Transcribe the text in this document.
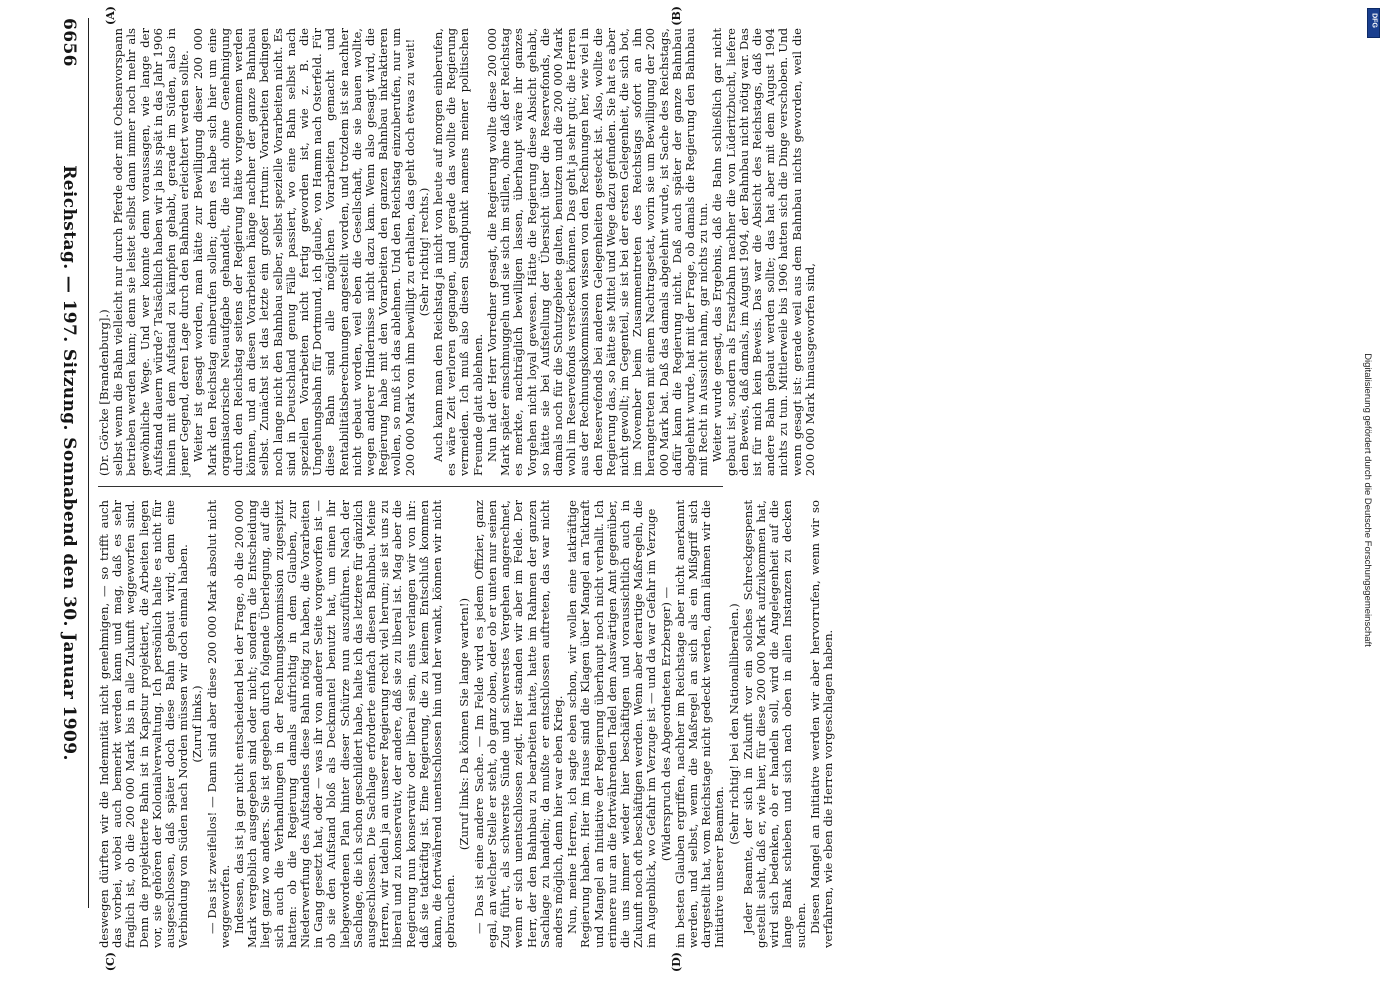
6656
Reichstag. — 197. Sitzung. Sonnabend den 30. Januar 1909.
(A)	(B)
(C)	(D)

(Dr. Görcke [Brandenburg].) selbst wenn die Bahn vielleicht nur durch Pferde oder mit Ochsenvorspann betrieben werden kann; denn sie leistet selbst dann immer noch mehr als gewöhnliche Wege. Und wer konnte denn voraussagen, wie lange der Aufstand dauern würde? Tatsächlich haben wir ja bis spät in das Jahr 1906 hinein mit dem Aufstand zu kämpfen gehabt, gerade im Süden, also in jener Gegend, deren Lage durch den Bahnbau erleichtert werden sollte. Weiter ist gesagt worden, man hätte zur Bewilligung dieser 200 000 Mark den Reichstag einberufen sollen; denn es habe sich hier um eine organisatorische Neuaufgabe gehandelt, die nicht ohne Genehmigung durch den Reichstag seitens der Regierung hätte vorgenommen werden können, und an diesen Vorarbeiten hänge nachher der ganze Bahnbau selbst. Zunächst ist das letzte ein großer Irrtum: Vorarbeiten bedingen noch lange nicht den Bahnbau selber, selbst spezielle Vorarbeiten nicht. Es sind in Deutschland genug Fälle passiert, wo eine Bahn selbst nach speziellen Vorarbeiten nicht fertig geworden ist, wie z. B. die Umgehungsbahn für Dortmund, ich glaube, von Hamm nach Osterfeld. Für diese Bahn sind alle möglichen Vorarbeiten gemacht und Rentabilitätsberechnungen angestellt worden, und trotzdem ist sie nachher nicht gebaut worden, weil eben die Gesellschaft, die sie bauen wollte, wegen anderer Hindernisse nicht dazu kam. Wenn also gesagt wird, die Regierung habe mit den Vorarbeiten den ganzen Bahnbau inkraktieren wollen, so muß ich das ablehnen. Und den Reichstag einzuberufen, nur um 200 000 Mark von ihm bewilligt zu erhalten, das geht doch etwas zu weit! (Sehr richtig! rechts.) Auch kann man den Reichstag ja nicht von heute auf morgen einberufen, es wäre Zeit verloren gegangen, und gerade das wollte die Regierung vermeiden. Ich muß also diesen Standpunkt namens meiner politischen Freunde glatt ablehnen. Nun hat der Herr Vorredner gesagt, die Regierung wollte diese 200 000 Mark später einschmuggeln und sie sich im stillen, ohne daß der Reichstag es merkte, nachträglich bewilligen lassen, überhaupt wäre ihr ganzes Vorgehen nicht loyal gewesen. Hätte die Regierung diese Absicht gehabt, so hätte sie bei Aufstellung der Übersicht über die Reservefonds, die damals noch für die Schutzgebiete galten, benutzen und die 200 000 Mark wohl im Reservefonds verstecken können. Das geht ja sehr gut; die Herren aus der Rechnungskommission wissen von den Rechnungen her, wie viel in den Reservefonds bei anderen Gelegenheiten gesteckt ist. Also, wollte die Regierung das, so hätte sie Mittel und Wege dazu gefunden. Sie hat es aber nicht gewollt; im Gegenteil, sie ist bei der ersten Gelegenheit, die sich bot, im November beim Zusammentreten des Reichstags sofort an ihn herangetreten mit einem Nachtragsetat, worin sie um Bewilligung der 200 000 Mark bat. Daß das damals abgelehnt wurde, ist Sache des Reichstags, dafür kann die Regierung nicht. Daß auch später der ganze Bahnbau abgelehnt wurde, hat mit der Frage, ob damals die Regierung den Bahnbau mit Recht in Aussicht nahm, gar nichts zu tun. Weiter wurde gesagt, das Ergebnis, daß die Bahn schließlich gar nicht gebaut ist, sondern als Ersatzbahn nachher die von Lüderitzbucht, liefere den Beweis, daß damals, im August 1904, der Bahnbau nicht nötig war. Das ist für mich kein Beweis. Das war die Absicht des Reichstags, daß die andere Bahn gebaut werden sollte; das hat aber mit dem August 1904 nichts zu tun. Mittlerweile bis 1906 hatten sich die Dinge verschoben. Und wenn gesagt ist: gerade weil aus dem Bahnbau nichts geworden, weil die 200 000 Mark hinausgeworfen sind,

deswegen dürften wir die Indemnität nicht genehmigen, — so trifft auch das vorbei, wobei auch bemerkt werden kann und mag, daß es sehr fraglich ist, ob die 200 000 Mark bis in alle Zukunft weggeworfen sind. Denn die projektierte Bahn ist in Kapstur projektiert, die Arbeiten liegen vor, sie gehören der Kolonialverwaltung. Ich persönlich halte es nicht für ausgeschlossen, daß später doch diese Bahn gebaut wird; denn eine Verbindung von Süden nach Norden müssen wir doch einmal haben. (Zuruf links.) — Das ist zweifellos! — Dann sind aber diese 200 000 Mark absolut nicht weggeworfen. Indessen, das ist ja gar nicht entscheidend bei der Frage, ob die 200 000 Mark vergeblich ausgegeben sind oder nicht; sondern die Entscheidung liegt ganz wo anders. Sie ist gegeben durch folgende Überlegung, auf die sich auch die Verhandlungen in der Rechnungskommission zugespitzt hatten: ob die Regierung damals aufrichtig in dem Glauben, zur Niederwerfung des Aufstandes diese Bahn nötig zu haben, die Vorarbeiten in Gang gesetzt hat, oder — was ihr von anderer Seite vorgeworfen ist — ob sie den Aufstand bloß als Deckmantel benutzt hat, um einen ihr liebgewordenen Plan hinter dieser Schürze nun auszuführen. Nach der Sachlage, die ich schon geschildert habe, halte ich das letztere für gänzlich ausgeschlossen. Die Sachlage erforderte einfach diesen Bahnbau. Meine Herren, wir tadeln ja an unserer Regierung recht viel herum; sie ist uns zu liberal und zu konservativ, der andere, daß sie zu liberal ist. Mag aber die Regierung nun konservativ oder liberal sein, eins verlangen wir von ihr: daß sie tatkräftig ist. Eine Regierung, die zu keinem Entschluß kommen kann, die fortwährend unentschlossen hin und her wankt, können wir nicht gebrauchen.

(Zuruf links: Da können Sie lange warten!) — Das ist eine andere Sache. — Im Felde wird es jedem Offizier, ganz egal, an welcher Stelle er steht, ob ganz oben, oder ob er unten nur seinen Zug führt, als schwerste Sünde und schwerstes Vergehen angerechnet, wenn er sich unentschlossen zeigt. Hier standen wir aber im Felde. Der Herr, der den Bahnbau zu bearbeiten hatte, hatte im Rahmen der ganzen Sachlage zu handeln; da mußte er entschlossen auftreten, das war nicht anders möglich, denn hier war eben Krieg. Nun, meine Herren, ich sagte eben schon, wir wollen eine tatkräftige Regierung haben. Hier im Hause sind die Klagen über Mangel an Tatkraft und Mangel an Initiative der Regierung überhaupt noch nicht verhallt. Ich erinnere nur an die fortwährenden Tadel dem Auswärtigen Amt gegenüber, die uns immer wieder hier beschäftigen und voraussichtlich auch in Zukunft noch oft beschäftigen werden. Wenn aber derartige Maßregeln, die im Augenblick, wo Gefahr im Verzuge ist — und da war Gefahr im Verzuge (Widerspruch des Abgeordneten Erzberger) — im besten Glauben ergriffen, nachher im Reichstage aber nicht anerkannt werden, und selbst, wenn die Maßregel an sich als ein Mißgriff sich dargestellt hat, vom Reichstage nicht gedeckt werden, dann lähmen wir die Initiative unserer Beamten.

(Sehr richtig! bei den Nationalliberalen.) Jeder Beamte, der sich in Zukunft vor ein solches Schreckgespenst gestellt sieht, daß er, wie hier, für diese 200 000 Mark aufzukommen hat, wird sich bedenken, ob er handeln soll, wird die Angelegenheit auf die lange Bank schieben und sich nach oben in allen Instanzen zu decken suchen. Diesen Mangel an Initiative werden wir aber hervorrufen, wenn wir so verfahren, wie eben die Herren vorgeschlagen haben.

Digitalisierung gefördert durch die Deutsche Forschungsgemeinschaft
DFG
